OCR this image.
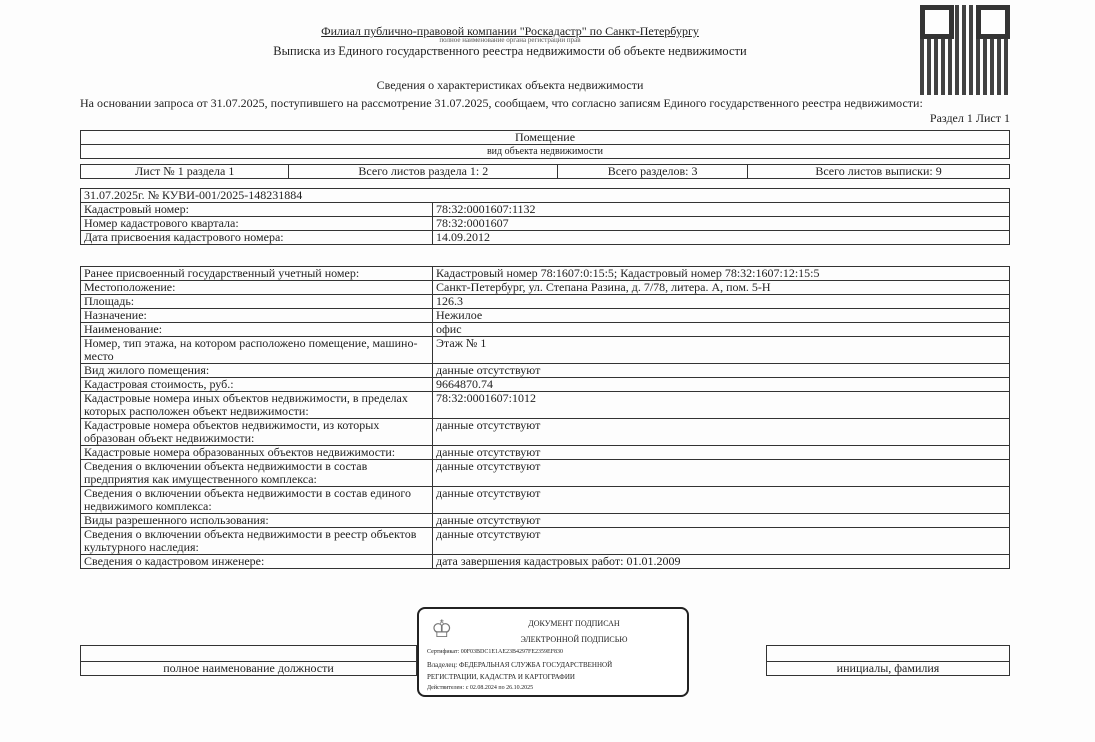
Филиал публично-правовой компании "Роскадастр" по Санкт-Петербургу
полное наименование органа регистрации прав
Выписка из Единого государственного реестра недвижимости об объекте недвижимости
Сведения о характеристиках объекта недвижимости
На основании запроса от 31.07.2025, поступившего на рассмотрение 31.07.2025, сообщаем, что согласно записям Единого государственного реестра недвижимости:
Раздел 1 Лист 1
Помещение
вид объекта недвижимости
Лист № 1 раздела 1	Всего листов раздела 1: 2	Всего разделов: 3	Всего листов выписки: 9
31.07.2025г. № КУВИ-001/2025-148231884	
Кадастровый номер:	78:32:0001607:1132
Номер кадастрового квартала:	78:32:0001607
Дата присвоения кадастрового номера:	14.09.2012
Ранее присвоенный государственный учетный номер:	Кадастровый номер 78:1607:0:15:5; Кадастровый номер 78:32:1607:12:15:5
Местоположение:	Санкт-Петербург, ул. Степана Разина, д. 7/78, литера. А, пом. 5-Н
Площадь:	126.3
Назначение:	Нежилое
Наименование:	офис
Номер, тип этажа, на котором расположено помещение, машино-место	Этаж № 1
Вид жилого помещения:	данные отсутствуют
Кадастровая стоимость, руб.:	9664870.74
Кадастровые номера иных объектов недвижимости, в пределах которых расположен объект недвижимости:	78:32:0001607:1012
Кадастровые номера объектов недвижимости, из которых образован объект недвижимости:	данные отсутствуют
Кадастровые номера образованных объектов недвижимости:	данные отсутствуют
Сведения о включении объекта недвижимости в состав предприятия как имущественного комплекса:	данные отсутствуют
Сведения о включении объекта недвижимости в состав единого недвижимого комплекса:	данные отсутствуют
Виды разрешенного использования:	данные отсутствуют
Сведения о включении объекта недвижимости в реестр объектов культурного наследия:	данные отсутствуют
Сведения о кадастровом инженере:	дата завершения кадастровых работ: 01.01.2009

полное наименование должности		инициалы, фамилия
♔	ДОКУМЕНТ ПОДПИСАН
ЭЛЕКТРОННОЙ ПОДПИСЬЮ
Сертификат: 00F03BDC1E1AE23B4297FE2359EF830
Владелец: ФЕДЕРАЛЬНАЯ СЛУЖБА ГОСУДАРСТВЕННОЙ
РЕГИСТРАЦИИ, КАДАСТРА И КАРТОГРАФИИ
Действителен: с 02.08.2024 по 26.10.2025
